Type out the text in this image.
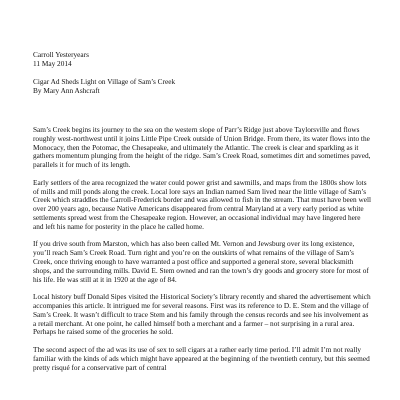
Carroll Yesteryears
11 May 2014
Cigar Ad Sheds Light on Village of Sam’s Creek
By Mary Ann Ashcraft

Sam’s Creek begins its journey to the sea on the western slope of Parr’s Ridge just above Taylorsville and flows roughly west-northwest until it joins Little Pipe Creek outside of Union Bridge. From there, its water flows into the Monocacy, then the Potomac, the Chesapeake, and ultimately the Atlantic. The creek is clear and sparkling as it gathers momentum plunging from the height of the ridge. Sam’s Creek Road, sometimes dirt and sometimes paved, parallels it for much of its length.

Early settlers of the area recognized the water could power grist and sawmills, and maps from the 1800s show lots of mills and mill ponds along the creek. Local lore says an Indian named Sam lived near the little village of Sam’s Creek which straddles the Carroll-Frederick border and was allowed to fish in the stream. That must have been well over 200 years ago, because Native Americans disappeared from central Maryland at a very early period as white settlements spread west from the Chesapeake region. However, an occasional individual may have lingered here and left his name for posterity in the place he called home.

If you drive south from Marston, which has also been called Mt. Vernon and Jewsburg over its long existence, you’ll reach Sam’s Creek Road. Turn right and you’re on the outskirts of what remains of the village of Sam’s Creek, once thriving enough to have warranted a post office and supported a general store, several blacksmith shops, and the surrounding mills. David E. Stem owned and ran the town’s dry goods and grocery store for most of his life. He was still at it in 1920 at the age of 84.

Local history buff Donald Sipes visited the Historical Society’s library recently and shared the advertisement which accompanies this article. It intrigued me for several reasons. First was its reference to D. E. Stem and the village of Sam’s Creek. It wasn’t difficult to trace Stem and his family through the census records and see his involvement as a retail merchant. At one point, he called himself both a merchant and a farmer – not surprising in a rural area. Perhaps he raised some of the groceries he sold.

The second aspect of the ad was its use of sex to sell cigars at a rather early time period. I’ll admit I’m not really familiar with the kinds of ads which might have appeared at the beginning of the twentieth century, but this seemed pretty risqué for a conservative part of central
